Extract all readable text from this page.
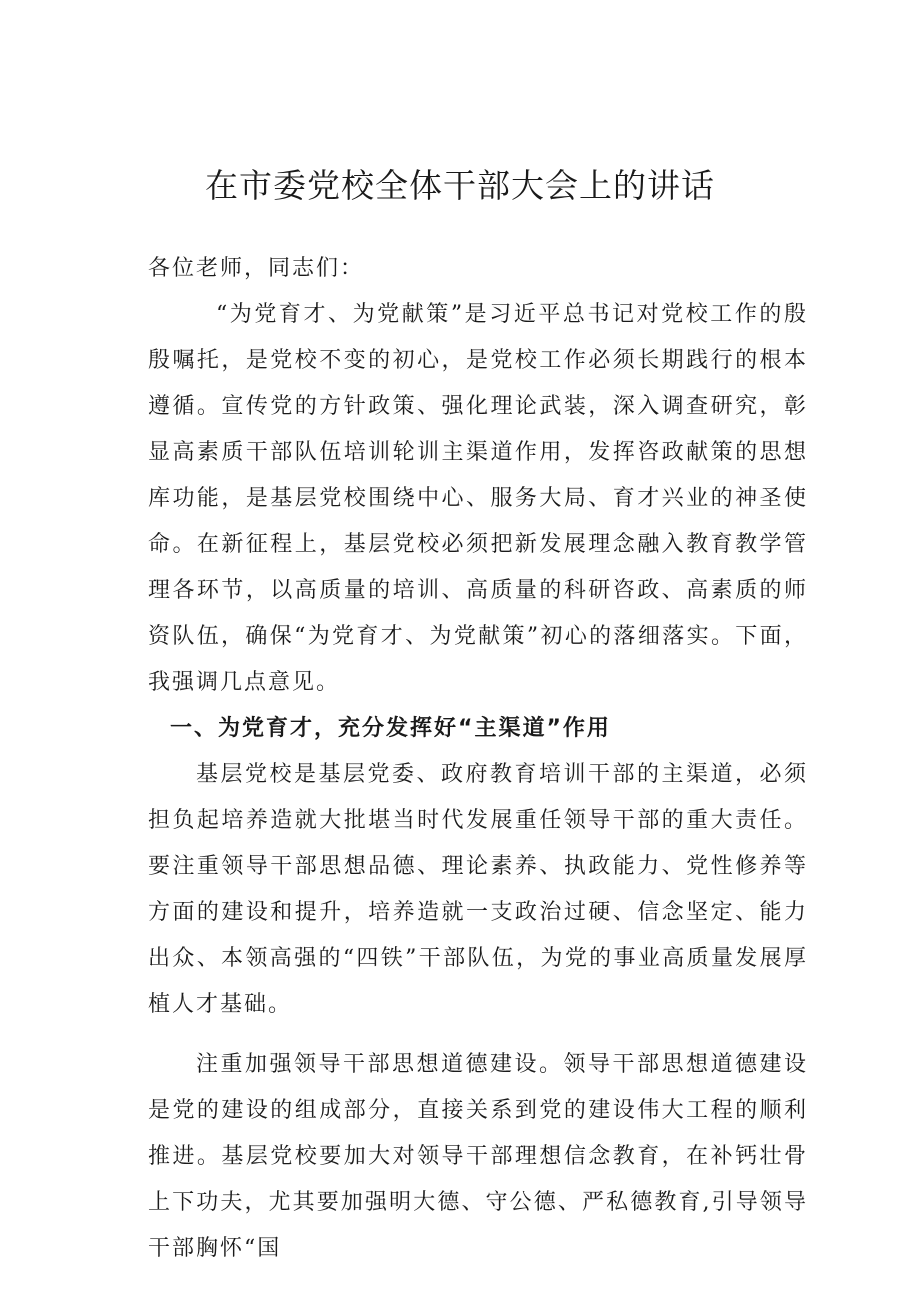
在市委党校全体干部大会上的讲话

各位老师，同志们：

“为党育才、为党献策”是习近平总书记对党校工作的殷殷嘱托，是党校不变的初心，是党校工作必须长期践行的根本遵循。宣传党的方针政策、强化理论武装，深入调查研究，彰显高素质干部队伍培训轮训主渠道作用，发挥咨政献策的思想库功能，是基层党校围绕中心、服务大局、育才兴业的神圣使命。在新征程上，基层党校必须把新发展理念融入教育教学管理各环节，以高质量的培训、高质量的科研咨政、高素质的师资队伍，确保“为党育才、为党献策”初心的落细落实。下面，我强调几点意见。

一、为党育才，充分发挥好“主渠道”作用

基层党校是基层党委、政府教育培训干部的主渠道，必须担负起培养造就大批堪当时代发展重任领导干部的重大责任。要注重领导干部思想品德、理论素养、执政能力、党性修养等方面的建设和提升，培养造就一支政治过硬、信念坚定、能力出众、本领高强的“四铁”干部队伍，为党的事业高质量发展厚植人才基础。

注重加强领导干部思想道德建设。领导干部思想道德建设是党的建设的组成部分，直接关系到党的建设伟大工程的顺利推进。基层党校要加大对领导干部理想信念教育，在补钙壮骨上下功夫，尤其要加强明大德、守公德、严私德教育,引导领导干部胸怀“国
